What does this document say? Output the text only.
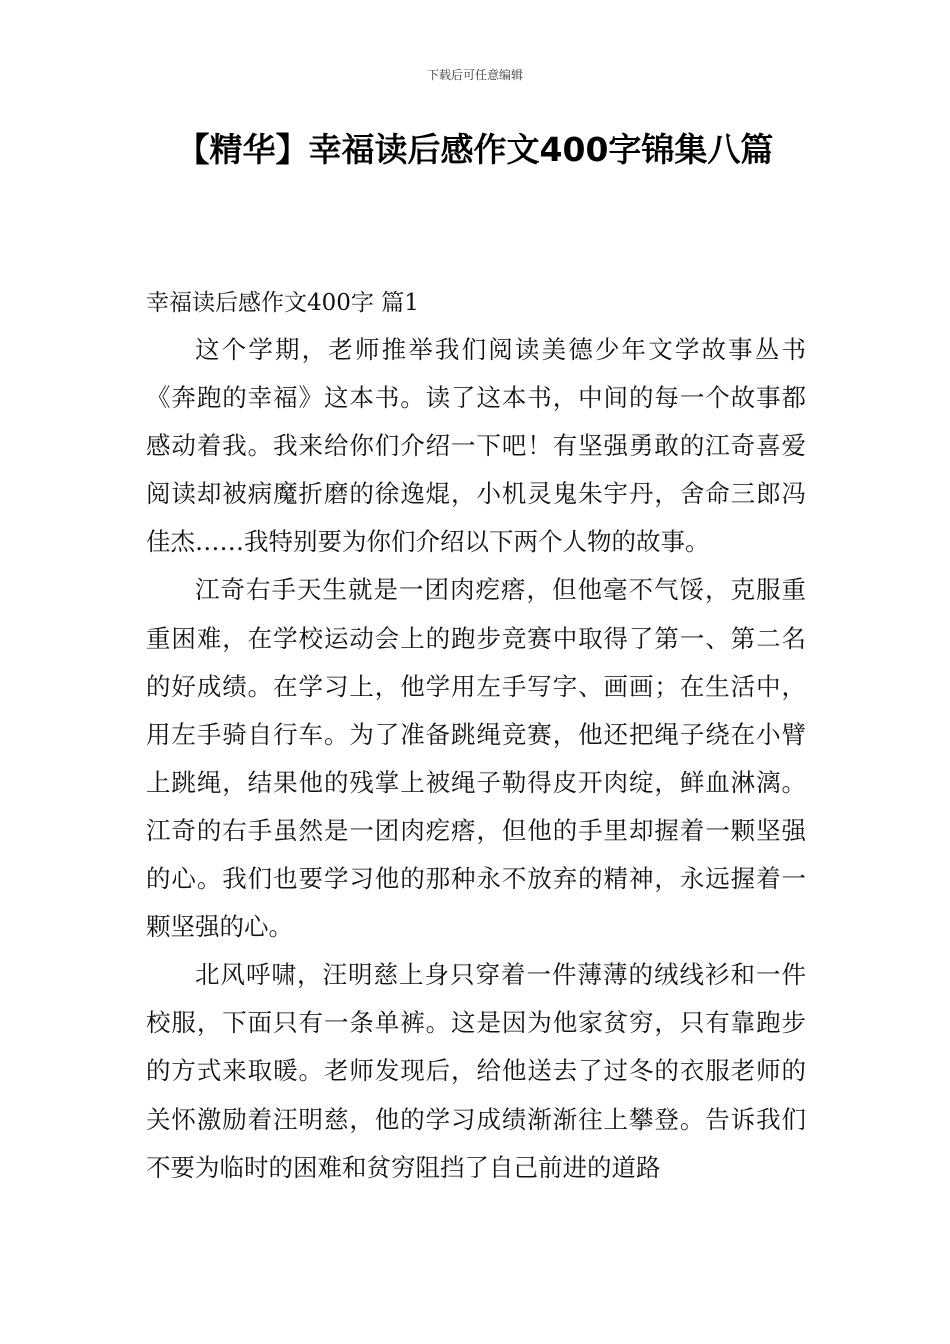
下载后可任意编辑
【精华】幸福读后感作文400字锦集八篇
幸福读后感作文400字 篇1

这个学期，老师推举我们阅读美德少年文学故事丛书《奔跑的幸福》这本书。读了这本书，中间的每一个故事都感动着我。我来给你们介绍一下吧！有坚强勇敢的江奇喜爱阅读却被病魔折磨的徐逸焜，小机灵鬼朱宇丹，舍命三郎冯佳杰……我特别要为你们介绍以下两个人物的故事。

江奇右手天生就是一团肉疙瘩，但他毫不气馁，克服重重困难，在学校运动会上的跑步竞赛中取得了第一、第二名的好成绩。在学习上，他学用左手写字、画画；在生活中，用左手骑自行车。为了准备跳绳竞赛，他还把绳子绕在小臂上跳绳，结果他的残掌上被绳子勒得皮开肉绽，鲜血淋漓。江奇的右手虽然是一团肉疙瘩，但他的手里却握着一颗坚强的心。我们也要学习他的那种永不放弃的精神，永远握着一颗坚强的心。

北风呼啸，汪明慈上身只穿着一件薄薄的绒线衫和一件校服，下面只有一条单裤。这是因为他家贫穷，只有靠跑步的方式来取暖。老师发现后，给他送去了过冬的衣服老师的关怀激励着汪明慈，他的学习成绩渐渐往上攀登。告诉我们不要为临时的困难和贫穷阻挡了自己前进的道路
